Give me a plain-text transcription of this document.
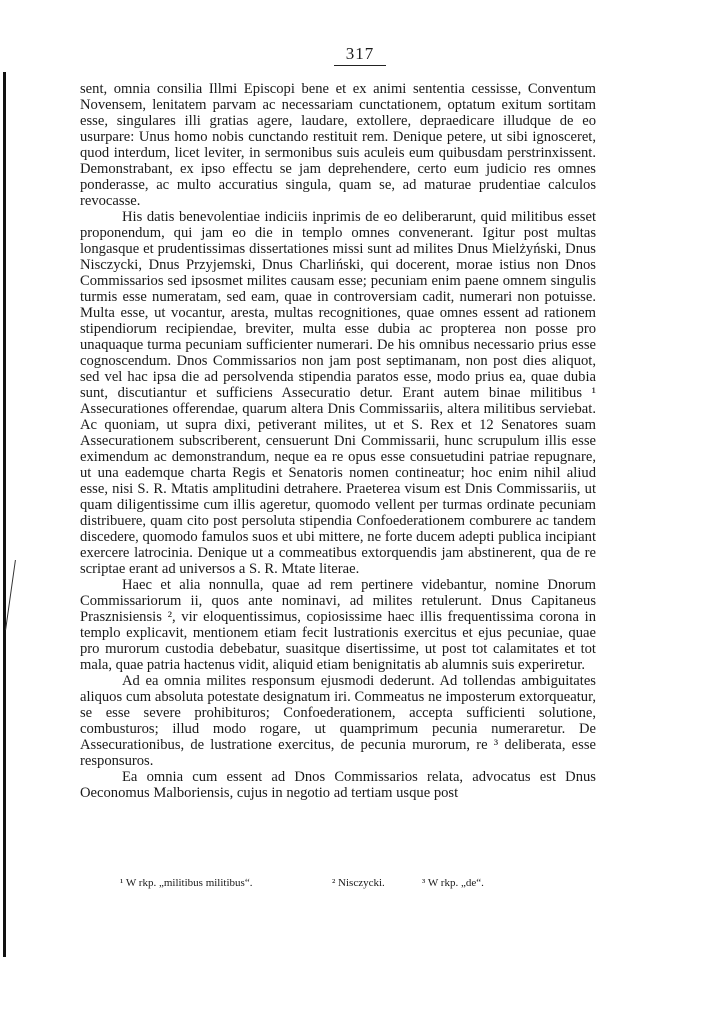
317

sent, omnia consilia Illmi Episcopi bene et ex animi sententia cessisse, Conventum Novensem, lenitatem parvam ac necessariam cunctationem, optatum exitum sortitam esse, singulares illi gratias agere, laudare, extollere, depraedicare illudque de eo usurpare: Unus homo nobis cunctando restituit rem. Denique petere, ut sibi ignosceret, quod interdum, licet leviter, in sermonibus suis aculeis eum quibusdam perstrinxissent. Demonstrabant, ex ipso effectu se jam deprehendere, certo eum judicio res omnes ponderasse, ac multo accuratius singula, quam se, ad maturae prudentiae calculos revocasse.

His datis benevolentiae indiciis inprimis de eo deliberarunt, quid militibus esset proponendum, qui jam eo die in templo omnes convenerant. Igitur post multas longasque et prudentissimas dissertationes missi sunt ad milites Dnus Mielżyński, Dnus Nisczycki, Dnus Przyjemski, Dnus Charliński, qui docerent, morae istius non Dnos Commissarios sed ipsosmet milites causam esse; pecuniam enim paene omnem singulis turmis esse numeratam, sed eam, quae in controversiam cadit, numerari non potuisse. Multa esse, ut vocantur, aresta, multas recognitiones, quae omnes essent ad rationem stipendiorum recipiendae, breviter, multa esse dubia ac propterea non posse pro unaquaque turma pecuniam sufficienter numerari. De his omnibus necessario prius esse cognoscendum. Dnos Commissarios non jam post septimanam, non post dies aliquot, sed vel hac ipsa die ad persolvenda stipendia paratos esse, modo prius ea, quae dubia sunt, discutiantur et sufficiens Assecuratio detur. Erant autem binae militibus ¹ Assecurationes offerendae, quarum altera Dnis Commissariis, altera militibus serviebat. Ac quoniam, ut supra dixi, petiverant milites, ut et S. Rex et 12 Senatores suam Assecurationem subscriberent, censuerunt Dni Commissarii, hunc scrupulum illis esse eximendum ac demonstrandum, neque ea re opus esse consuetudini patriae repugnare, ut una eademque charta Regis et Senatoris nomen contineatur; hoc enim nihil aliud esse, nisi S. R. Mtatis amplitudini detrahere. Praeterea visum est Dnis Commissariis, ut quam diligentissime cum illis ageretur, quomodo vellent per turmas ordinate pecuniam distribuere, quam cito post persoluta stipendia Confoederationem comburere ac tandem discedere, quomodo famulos suos et ubi mittere, ne forte ducem adepti publica incipiant exercere latrocinia. Denique ut a commeatibus extorquendis jam abstinerent, qua de re scriptae erant ad universos a S. R. Mtate literae.

Haec et alia nonnulla, quae ad rem pertinere videbantur, nomine Dnorum Commissariorum ii, quos ante nominavi, ad milites retulerunt. Dnus Capitaneus Prasznisiensis ², vir eloquentissimus, copiosissime haec illis frequentissima corona in templo explicavit, mentionem etiam fecit lustrationis exercitus et ejus pecuniae, quae pro murorum custodia debebatur, suasitque disertissime, ut post tot calamitates et tot mala, quae patria hactenus vidit, aliquid etiam benignitatis ab alumnis suis experiretur.

Ad ea omnia milites responsum ejusmodi dederunt. Ad tollendas ambiguitates aliquos cum absoluta potestate designatum iri. Commeatus ne imposterum extorqueatur, se esse severe prohibituros; Confoederationem, accepta sufficienti solutione, combusturos; illud modo rogare, ut quamprimum pecunia numeraretur. De Assecurationibus, de lustratione exercitus, de pecunia murorum, re ³ deliberata, esse responsuros.

Ea omnia cum essent ad Dnos Commissarios relata, advocatus est Dnus Oeconomus Malboriensis, cujus in negotio ad tertiam usque post

¹ W rkp. „militibus militibus“.	² Nisczycki.	³ W rkp. „de“.
